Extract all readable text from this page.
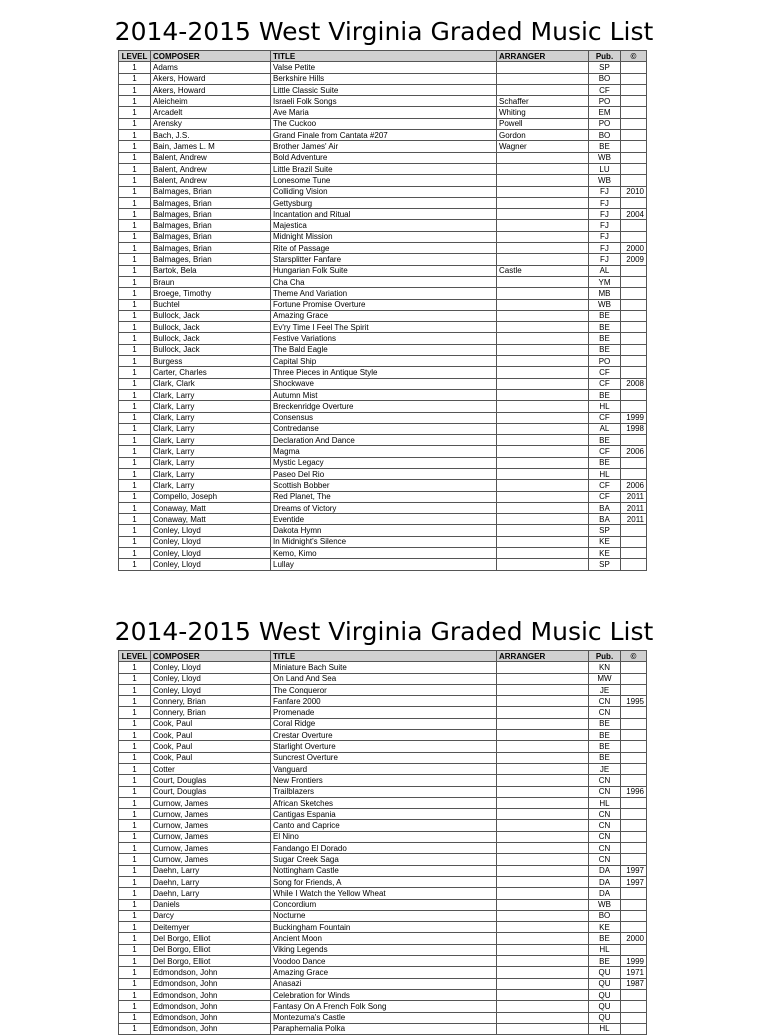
2014-2015 West Virginia Graded Music List
LEVEL	COMPOSER	TITLE	ARRANGER	Pub.	©
1	Adams	Valse Petite		SP	
1	Akers, Howard	Berkshire Hills		BO	
1	Akers, Howard	Little Classic Suite		CF	
1	Aleicheim	Israeli Folk Songs	Schaffer	PO	
1	Arcadelt	Ave Maria	Whiting	EM	
1	Arensky	The Cuckoo	Powell	PO	
1	Bach, J.S.	Grand Finale from Cantata #207	Gordon	BO	
1	Bain, James L. M	Brother James' Air	Wagner	BE	
1	Balent, Andrew	Bold Adventure		WB	
1	Balent, Andrew	Little Brazil Suite		LU	
1	Balent, Andrew	Lonesome Tune		WB	
1	Balmages, Brian	Colliding Vision		FJ	2010
1	Balmages, Brian	Gettysburg		FJ	
1	Balmages, Brian	Incantation and Ritual		FJ	2004
1	Balmages, Brian	Majestica		FJ	
1	Balmages, Brian	Midnight Mission		FJ	
1	Balmages, Brian	Rite of Passage		FJ	2000
1	Balmages, Brian	Starsplitter Fanfare		FJ	2009
1	Bartok, Bela	Hungarian Folk Suite	Castle	AL	
1	Braun	Cha Cha		YM	
1	Broege, Timothy	Theme And Variation		MB	
1	Buchtel	Fortune Promise Overture		WB	
1	Bullock, Jack	Amazing Grace		BE	
1	Bullock, Jack	Ev'ry Time I Feel The Spirit		BE	
1	Bullock, Jack	Festive Variations		BE	
1	Bullock, Jack	The Bald Eagle		BE	
1	Burgess	Capital Ship		PO	
1	Carter, Charles	Three Pieces in Antique Style		CF	
1	Clark, Clark	Shockwave		CF	2008
1	Clark, Larry	Autumn Mist		BE	
1	Clark, Larry	Breckenridge Overture		HL	
1	Clark, Larry	Consensus		CF	1999
1	Clark, Larry	Contredanse		AL	1998
1	Clark, Larry	Declaration And Dance		BE	
1	Clark, Larry	Magma		CF	2006
1	Clark, Larry	Mystic Legacy		BE	
1	Clark, Larry	Paseo Del Rio		HL	
1	Clark, Larry	Scottish Bobber		CF	2006
1	Compello, Joseph	Red Planet, The		CF	2011
1	Conaway, Matt	Dreams of Victory		BA	2011
1	Conaway, Matt	Eventide		BA	2011
1	Conley, Lloyd	Dakota Hymn		SP	
1	Conley, Lloyd	In Midnight's Silence		KE	
1	Conley, Lloyd	Kemo, Kimo		KE	
1	Conley, Lloyd	Lullay		SP	
2014-2015 West Virginia Graded Music List
LEVEL	COMPOSER	TITLE	ARRANGER	Pub.	©
1	Conley, Lloyd	Miniature Bach Suite		KN	
1	Conley, Lloyd	On Land And Sea		MW	
1	Conley, Lloyd	The Conqueror		JE	
1	Connery, Brian	Fanfare 2000		CN	1995
1	Connery, Brian	Promenade		CN	
1	Cook, Paul	Coral Ridge		BE	
1	Cook, Paul	Crestar Overture		BE	
1	Cook, Paul	Starlight Overture		BE	
1	Cook, Paul	Suncrest Overture		BE	
1	Cotter	Vanguard		JE	
1	Court, Douglas	New Frontiers		CN	
1	Court, Douglas	Trailblazers		CN	1996
1	Curnow, James	African Sketches		HL	
1	Curnow, James	Cantigas Espania		CN	
1	Curnow, James	Canto and Caprice		CN	
1	Curnow, James	El Nino		CN	
1	Curnow, James	Fandango El Dorado		CN	
1	Curnow, James	Sugar Creek Saga		CN	
1	Daehn, Larry	Nottingham Castle		DA	1997
1	Daehn, Larry	Song for Friends, A		DA	1997
1	Daehn, Larry	While I Watch the Yellow Wheat		DA	
1	Daniels	Concordium		WB	
1	Darcy	Nocturne		BO	
1	Deitemyer	Buckingham Fountain		KE	
1	Del Borgo, Elliot	Ancient Moon		BE	2000
1	Del Borgo, Elliot	Viking Legends		HL	
1	Del Borgo, Elliot	Voodoo Dance		BE	1999
1	Edmondson, John	Amazing Grace		QU	1971
1	Edmondson, John	Anasazi		QU	1987
1	Edmondson, John	Celebration for Winds		QU	
1	Edmondson, John	Fantasy On A French Folk Song		QU	
1	Edmondson, John	Montezuma's Castle		QU	
1	Edmondson, John	Paraphernalia Polka		HL	
